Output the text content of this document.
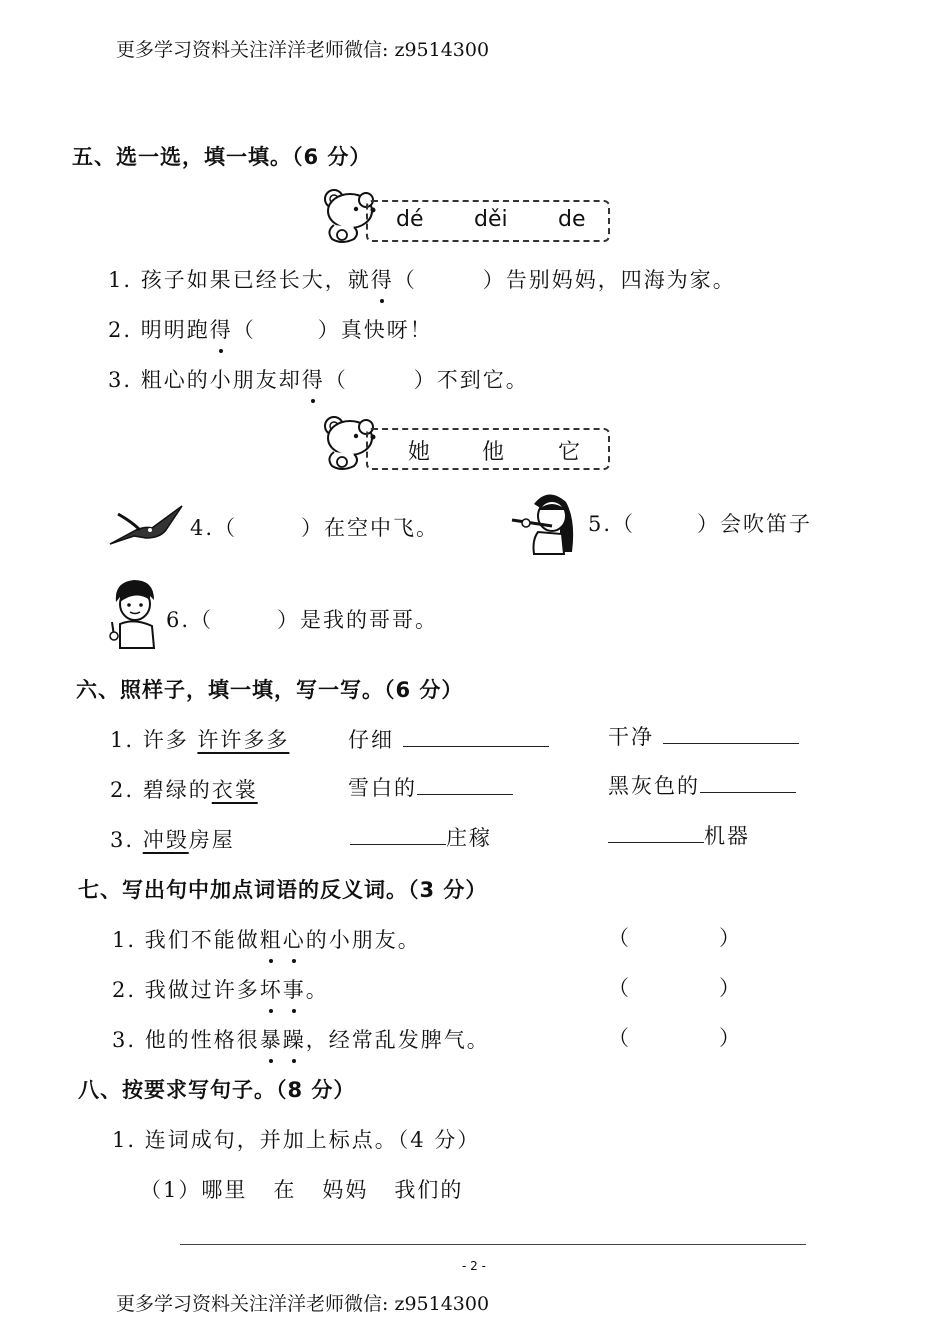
更多学习资料关注洋洋老师微信: z9514300
五、选一选，填一填。（6 分）
dé děi de
1. 孩子如果已经长大，就得（	）告别妈妈，四海为家。
2. 明明跑得（	）真快呀！
3. 粗心的小朋友却得（	）不到它。
她 他 它
4.（	）在空中飞。	5.（	）会吹笛子
6.（	）是我的哥哥。
六、照样子，填一填，写一写。（6 分）
1. 许多 许许多多	仔细	干净
2. 碧绿的衣裳	雪白的	黑灰色的
3. 冲毁房屋	庄稼	机器
七、写出句中加点词语的反义词。（3 分）
1. 我们不能做粗心的小朋友。	（	）
2. 我做过许多坏事。	（	）
3. 他的性格很暴躁，经常乱发脾气。	（	）
八、按要求写句子。（8 分）
1. 连词成句，并加上标点。（4 分）
（1）哪里 在 妈妈 我们的
- 2 -
更多学习资料关注洋洋老师微信: z9514300
